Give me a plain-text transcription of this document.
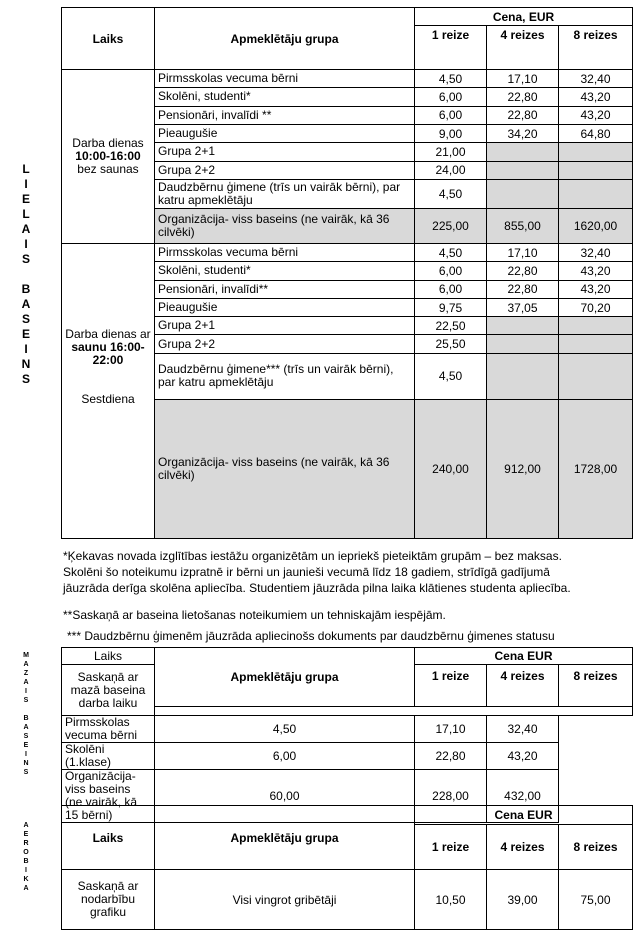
L
I
E
L
A
I
S
B
A
S
E
I
N
S
M
A
Z
A
I
S
B
A
S
E
I
N
S
A
E
R
O
B
I
K
A
Laiks	Apmeklētāju grupa	Cena, EUR		
		1 reize	4 reizes	8 reizes
Darba dienas
10:00-16:00
bez saunas	Pirmsskolas vecuma bērni	4,50	17,10	32,40
	Skolēni, studenti*	6,00	22,80	43,20
	Pensionāri, invalīdi **	6,00	22,80	43,20
	Pieaugušie	9,00	34,20	64,80
	Grupa 2+1	21,00		
	Grupa 2+2	24,00		
	Daudzbērnu ģimene (trīs un vairāk bērni), par katru apmeklētāju	4,50		
	Organizācija- viss baseins (ne vairāk, kā 36 cilvēki)	225,00	855,00	1620,00
Darba dienas ar
saunu 16:00-
22:00

Sestdiena	Pirmsskolas vecuma bērni	4,50	17,10	32,40
	Skolēni, studenti*	6,00	22,80	43,20
	Pensionāri, invalīdi**	6,00	22,80	43,20
	Pieaugušie	9,75	37,05	70,20
	Grupa 2+1	22,50		
	Grupa 2+2	25,50		
	Daudzbērnu ģimene*** (trīs un vairāk bērni), par katru apmeklētāju	4,50		
	Organizācija- viss baseins (ne vairāk, kā 36 cilvēki)	240,00	912,00	1728,00
*Ķekavas novada izglītības iestāžu organizētām un iepriekš pieteiktām grupām – bez maksas.
Skolēni šo noteikumu izpratnē ir bērni un jaunieši vecumā līdz 18 gadiem, strīdīgā gadījumā
jāuzrāda derīga skolēna apliecība. Studentiem jāuzrāda pilna laika klātienes studenta apliecība.
**Saskaņā ar baseina lietošanas noteikumiem un tehniskajām iespējām.
*** Daudzbērnu ģimenēm jāuzrāda apliecinošs dokuments par daudzbērnu ģimenes statusu
Laiks	Apmeklētāju grupa	Cena EUR		
Saskaņā ar
mazā baseina
darba laiku		1 reize	4 reizes	8 reizes

Pirmsskolas vecuma bērni	4,50	17,10	32,40	
Skolēni (1.klase)	6,00	22,80	43,20	
Organizācija- viss baseins (ne vairāk, kā 15 bērni)	60,00	228,00	432,00	
Laiks	Apmeklētāju grupa	Cena EUR		
		1 reize	4 reizes	8 reizes
Saskaņā ar
nodarbību
grafiku	Visi vingrot gribētāji	10,50	39,00	75,00
